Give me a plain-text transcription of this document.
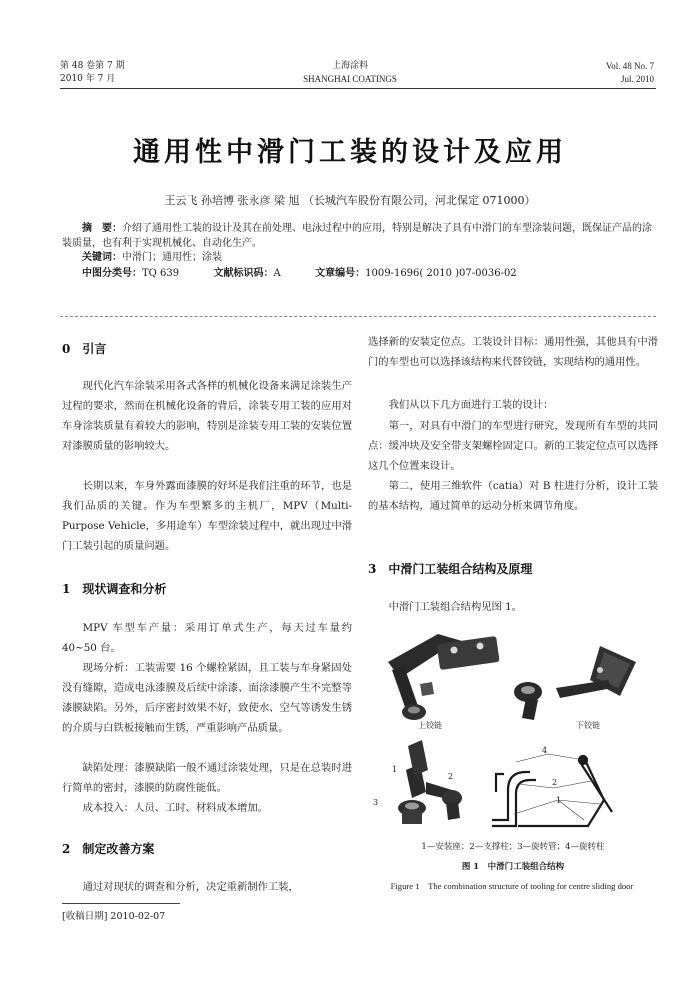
第 48 卷第 7 期
2010 年 7 月
上海涂料
SHANGHAI COATINGS
Vol. 48 No. 7
Jul. 2010
通用性中滑门工装的设计及应用
王云飞 孙培博 张永彦 梁 旭 （长城汽车股份有限公司，河北保定 071000）
摘　要：介绍了通用性工装的设计及其在前处理、电泳过程中的应用，特别是解决了具有中滑门的车型涂装问题，既保证产品的涂装质量，也有利于实现机械化、自动化生产。
关键词：中滑门；通用性；涂装
中图分类号：TQ 639	文献标识码：A	文章编号：1009-1696( 2010 )07-0036-02
0　引言
现代化汽车涂装采用各式各样的机械化设备来满足涂装生产过程的要求，然而在机械化设备的背后，涂装专用工装的应用对车身涂装质量有着较大的影响，特别是涂装专用工装的安装位置对漆膜质量的影响较大。
长期以来，车身外露面漆膜的好坏是我们注重的环节，也是我们品质的关键。作为车型繁多的主机厂，MPV（Multi-Purpose Vehicle，多用途车）车型涂装过程中，就出现过中滑门工装引起的质量问题。
1　现状调查和分析
MPV 车型车产量：采用订单式生产，每天过车量约 40~50 台。
现场分析：工装需要 16 个螺栓紧固，且工装与车身紧固处没有缝隙，造成电泳漆膜及后续中涂漆、面涂漆膜产生不完整等漆膜缺陷。另外，后序密封效果不好，致使水、空气等诱发生锈的介质与白铁板接触而生锈，严重影响产品质量。
缺陷处理：漆膜缺陷一般不通过涂装处理，只是在总装时进行简单的密封，漆膜的防腐性能低。
成本投入：人员、工时、材料成本增加。
2　制定改善方案
通过对现状的调查和分析，决定重新制作工装，
[收稿日期] 2010-02-07
选择新的安装定位点。工装设计目标：通用性强，其他具有中滑门的车型也可以选择该结构来代替铰链，实现结构的通用性。
我们从以下几方面进行工装的设计：
第一，对具有中滑门的车型进行研究，发现所有车型的共同点：缓冲块及安全带支架螺栓固定口。新的工装定位点可以选择这几个位置来设计。
第二，使用三维软件（catia）对 B 柱进行分析，设计工装的基本结构，通过简单的运动分析来调节角度。
3　中滑门工装组合结构及原理
中滑门工装组合结构见图 1。
上铰链	下铰链
1
2
3
4
2
1
1—安装座；2—支撑柱；3—旋转管；4—旋转柱
图 1　中滑门工装组合结构
Figure 1　The combination structure of tooling for centre sliding door
